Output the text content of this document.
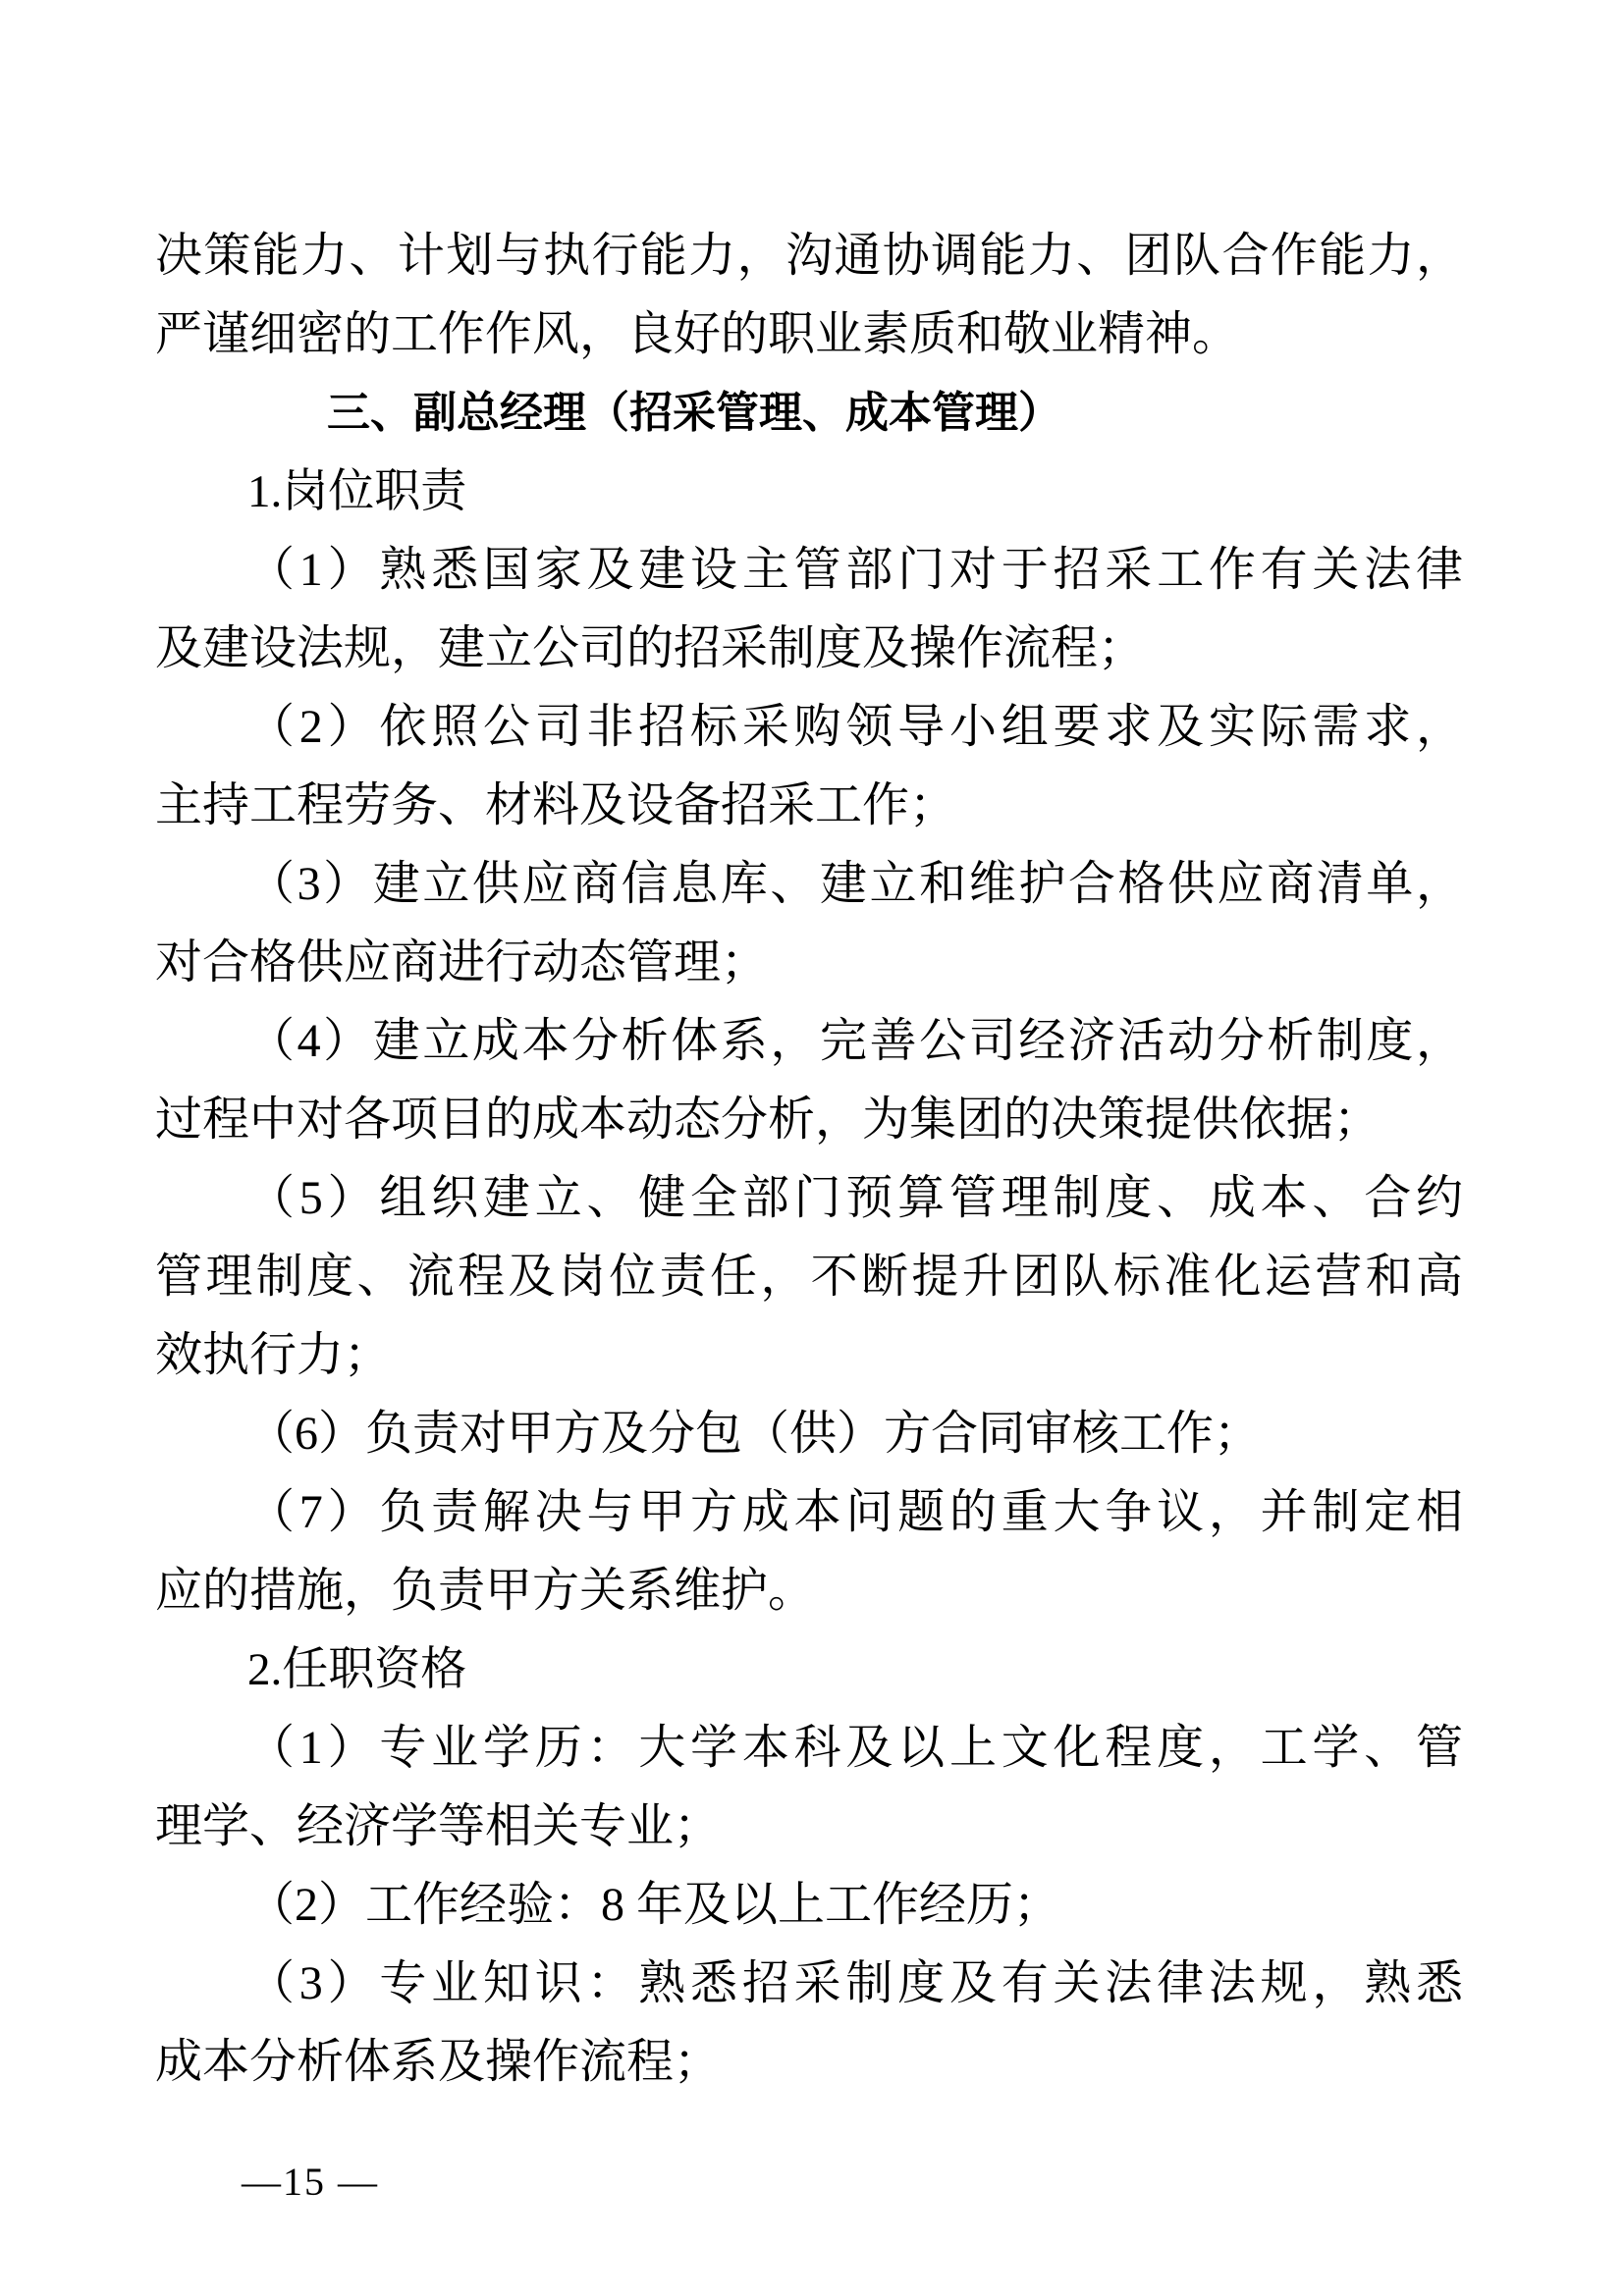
决策能力、计划与执行能力，沟通协调能力、团队合作能力，
严谨细密的工作作风，良好的职业素质和敬业精神。
三、副总经理（招采管理、成本管理）
1.岗位职责
（1）熟悉国家及建设主管部门对于招采工作有关法律
及建设法规，建立公司的招采制度及操作流程；
（2）依照公司非招标采购领导小组要求及实际需求，
主持工程劳务、材料及设备招采工作；
（3）建立供应商信息库、建立和维护合格供应商清单，
对合格供应商进行动态管理；
（4）建立成本分析体系，完善公司经济活动分析制度，
过程中对各项目的成本动态分析，为集团的决策提供依据；
（5）组织建立、健全部门预算管理制度、成本、合约
管理制度、流程及岗位责任，不断提升团队标准化运营和高
效执行力；
（6）负责对甲方及分包（供）方合同审核工作；
（7）负责解决与甲方成本问题的重大争议，并制定相
应的措施，负责甲方关系维护。
2.任职资格
（1）专业学历：大学本科及以上文化程度，工学、管
理学、经济学等相关专业；
（2）工作经验：8 年及以上工作经历；
（3）专业知识：熟悉招采制度及有关法律法规，熟悉
成本分析体系及操作流程；
—15 —
